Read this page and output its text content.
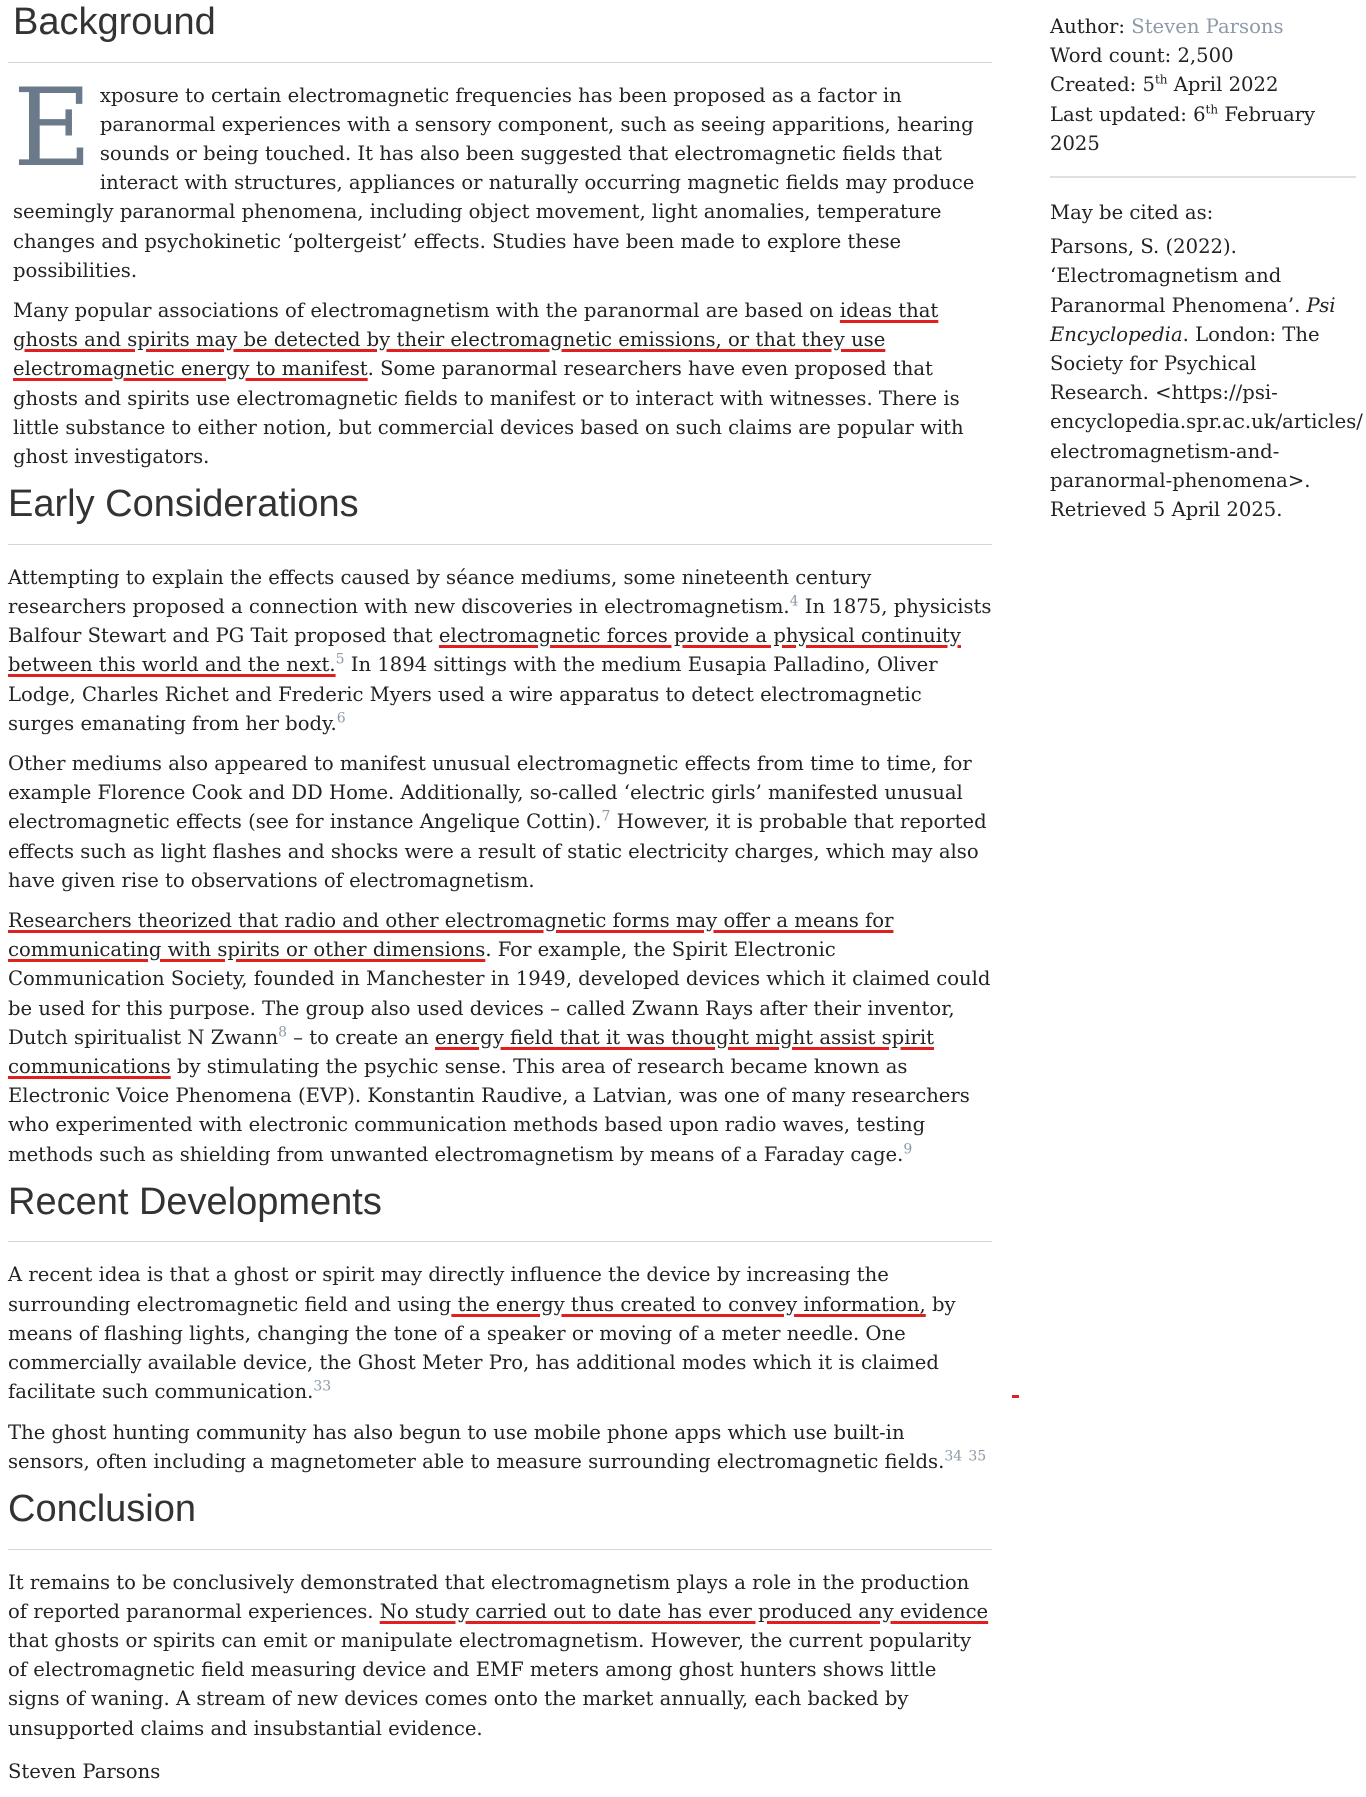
Background

Exposure to certain electromagnetic frequencies has been proposed as a factor in paranormal experiences with a sensory component, such as seeing apparitions, hearing sounds or being touched. It has also been suggested that electromagnetic fields that interact with structures, appliances or naturally occurring magnetic fields may produce seemingly paranormal phenomena, including object movement, light anomalies, temperature changes and psychokinetic ‘poltergeist’ effects. Studies have been made to explore these possibilities.

Many popular associations of electromagnetism with the paranormal are based on ideas that ghosts and spirits may be detected by their electromagnetic emissions, or that they use electromagnetic energy to manifest. Some paranormal researchers have even proposed that ghosts and spirits use electromagnetic fields to manifest or to interact with witnesses. There is little substance to either notion, but commercial devices based on such claims are popular with ghost investigators.

Early Considerations

Attempting to explain the effects caused by séance mediums, some nineteenth century researchers proposed a connection with new discoveries in electromagnetism.$^4$ In 1875, physicists Balfour Stewart and PG Tait proposed that electromagnetic forces provide a physical continuity between this world and the next.$^5$ In 1894 sittings with the medium Eusapia Palladino, Oliver Lodge, Charles Richet and Frederic Myers used a wire apparatus to detect electromagnetic surges emanating from her body.$^6$

Other mediums also appeared to manifest unusual electromagnetic effects from time to time, for example Florence Cook and DD Home. Additionally, so-called ‘electric girls’ manifested unusual electromagnetic effects (see for instance Angelique Cottin).$^7$ However, it is probable that reported effects such as light flashes and shocks were a result of static electricity charges, which may also have given rise to observations of electromagnetism.

Researchers theorized that radio and other electromagnetic forms may offer a means for communicating with spirits or other dimensions. For example, the Spirit Electronic Communication Society, founded in Manchester in 1949, developed devices which it claimed could be used for this purpose. The group also used devices – called Zwann Rays after their inventor, Dutch spiritualist N Zwann$^8$ – to create an energy field that it was thought might assist spirit communications by stimulating the psychic sense. This area of research became known as Electronic Voice Phenomena (EVP). Konstantin Raudive, a Latvian, was one of many researchers who experimented with electronic communication methods based upon radio waves, testing methods such as shielding from unwanted electromagnetism by means of a Faraday cage.$^9$

Recent Developments

A recent idea is that a ghost or spirit may directly influence the device by increasing the surrounding electromagnetic field and using the energy thus created to convey information, by means of flashing lights, changing the tone of a speaker or moving of a meter needle. One commercially available device, the Ghost Meter Pro, has additional modes which it is claimed facilitate such communication.$^{33}$

The ghost hunting community has also begun to use mobile phone apps which use built-in sensors, often including a magnetometer able to measure surrounding electromagnetic fields.$^{34}$ $^{35}$

Conclusion

It remains to be conclusively demonstrated that electromagnetism plays a role in the production of reported paranormal experiences. No study carried out to date has ever produced any evidence that ghosts or spirits can emit or manipulate electromagnetism. However, the current popularity of electromagnetic field measuring device and EMF meters among ghost hunters shows little signs of waning. A stream of new devices comes onto the market annually, each backed by unsupported claims and insubstantial evidence.

Steven Parsons

Author: Steven Parsons

Word count: 2,500

Created: 5th April 2022

Last updated: 6th February 2025

May be cited as:

Parsons, S. (2022). ‘Electromagnetism and Paranormal Phenomena’. Psi Encyclopedia. London: The Society for Psychical Research. <https://psi-encyclopedia.spr.ac.uk/articles/ electromagnetism-and-paranormal-phenomena>. Retrieved 5 April 2025.
